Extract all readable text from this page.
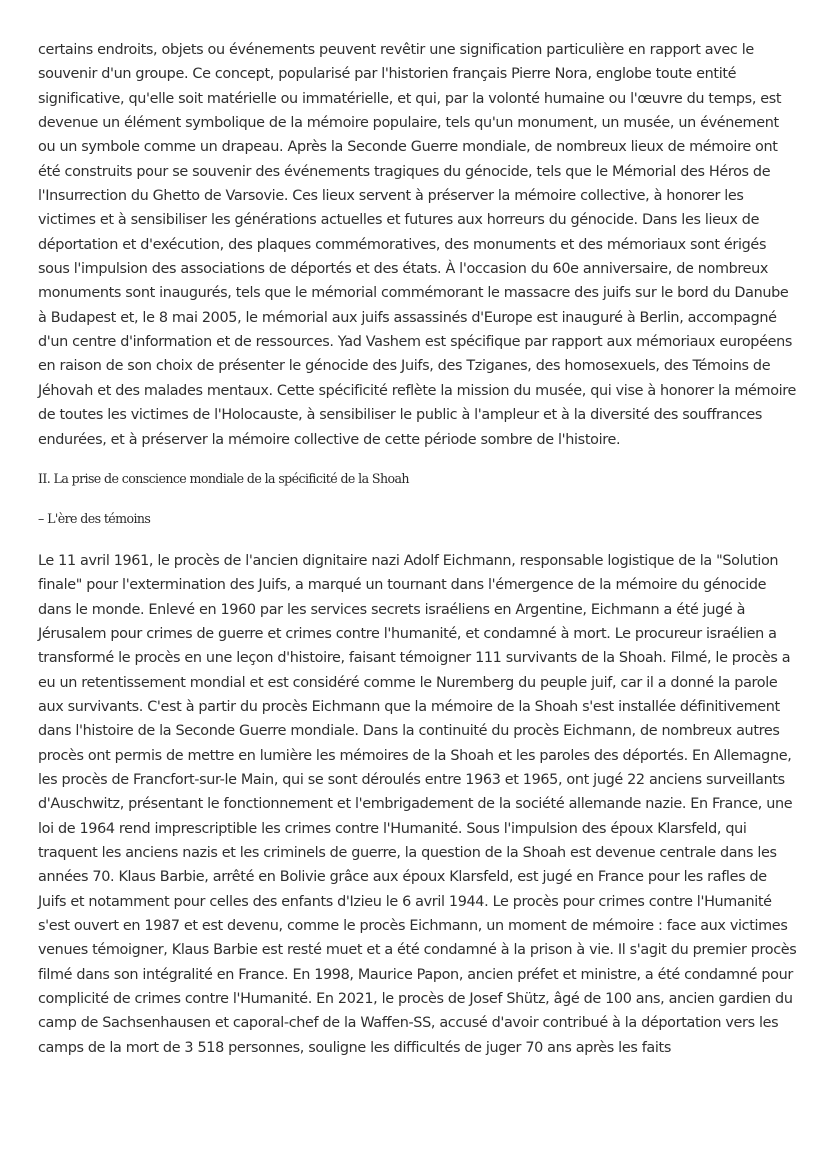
certains endroits, objets ou événements peuvent revêtir une signification particulière en rapport avec le souvenir d'un groupe. Ce concept, popularisé par l'historien français Pierre Nora, englobe toute entité significative, qu'elle soit matérielle ou immatérielle, et qui, par la volonté humaine ou l'œuvre du temps, est devenue un élément symbolique de la mémoire populaire, tels qu'un monument, un musée, un événement ou un symbole comme un drapeau. Après la Seconde Guerre mondiale, de nombreux lieux de mémoire ont été construits pour se souvenir des événements tragiques du génocide, tels que le Mémorial des Héros de l'Insurrection du Ghetto de Varsovie. Ces lieux servent à préserver la mémoire collective, à honorer les victimes et à sensibiliser les générations actuelles et futures aux horreurs du génocide. Dans les lieux de déportation et d'exécution, des plaques commémoratives, des monuments et des mémoriaux sont érigés sous l'impulsion des associations de déportés et des états. À l'occasion du 60e anniversaire, de nombreux monuments sont inaugurés, tels que le mémorial commémorant le massacre des juifs sur le bord du Danube à Budapest et, le 8 mai 2005, le mémorial aux juifs assassinés d'Europe est inauguré à Berlin, accompagné d'un centre d'information et de ressources. Yad Vashem est spécifique par rapport aux mémoriaux européens en raison de son choix de présenter le génocide des Juifs, des Tziganes, des homosexuels, des Témoins de Jéhovah et des malades mentaux. Cette spécificité reflète la mission du musée, qui vise à honorer la mémoire de toutes les victimes de l'Holocauste, à sensibiliser le public à l'ampleur et à la diversité des souffrances endurées, et à préserver la mémoire collective de cette période sombre de l'histoire.

II. La prise de conscience mondiale de la spécificité de la Shoah

– L'ère des témoins

Le 11 avril 1961, le procès de l'ancien dignitaire nazi Adolf Eichmann, responsable logistique de la "Solution finale" pour l'extermination des Juifs, a marqué un tournant dans l'émergence de la mémoire du génocide dans le monde. Enlevé en 1960 par les services secrets israéliens en Argentine, Eichmann a été jugé à Jérusalem pour crimes de guerre et crimes contre l'humanité, et condamné à mort. Le procureur israélien a transformé le procès en une leçon d'histoire, faisant témoigner 111 survivants de la Shoah. Filmé, le procès a eu un retentissement mondial et est considéré comme le Nuremberg du peuple juif, car il a donné la parole aux survivants. C'est à partir du procès Eichmann que la mémoire de la Shoah s'est installée définitivement dans l'histoire de la Seconde Guerre mondiale. Dans la continuité du procès Eichmann, de nombreux autres procès ont permis de mettre en lumière les mémoires de la Shoah et les paroles des déportés. En Allemagne, les procès de Francfort-sur-le Main, qui se sont déroulés entre 1963 et 1965, ont jugé 22 anciens surveillants d'Auschwitz, présentant le fonctionnement et l'embrigadement de la société allemande nazie. En France, une loi de 1964 rend imprescriptible les crimes contre l'Humanité. Sous l'impulsion des époux Klarsfeld, qui traquent les anciens nazis et les criminels de guerre, la question de la Shoah est devenue centrale dans les années 70. Klaus Barbie, arrêté en Bolivie grâce aux époux Klarsfeld, est jugé en France pour les rafles de Juifs et notamment pour celles des enfants d'Izieu le 6 avril 1944. Le procès pour crimes contre l'Humanité s'est ouvert en 1987 et est devenu, comme le procès Eichmann, un moment de mémoire : face aux victimes venues témoigner, Klaus Barbie est resté muet et a été condamné à la prison à vie. Il s'agit du premier procès filmé dans son intégralité en France. En 1998, Maurice Papon, ancien préfet et ministre, a été condamné pour complicité de crimes contre l'Humanité. En 2021, le procès de Josef Shütz, âgé de 100 ans, ancien gardien du camp de Sachsenhausen et caporal-chef de la Waffen-SS, accusé d'avoir contribué à la déportation vers les camps de la mort de 3 518 personnes, souligne les difficultés de juger 70 ans après les faits
